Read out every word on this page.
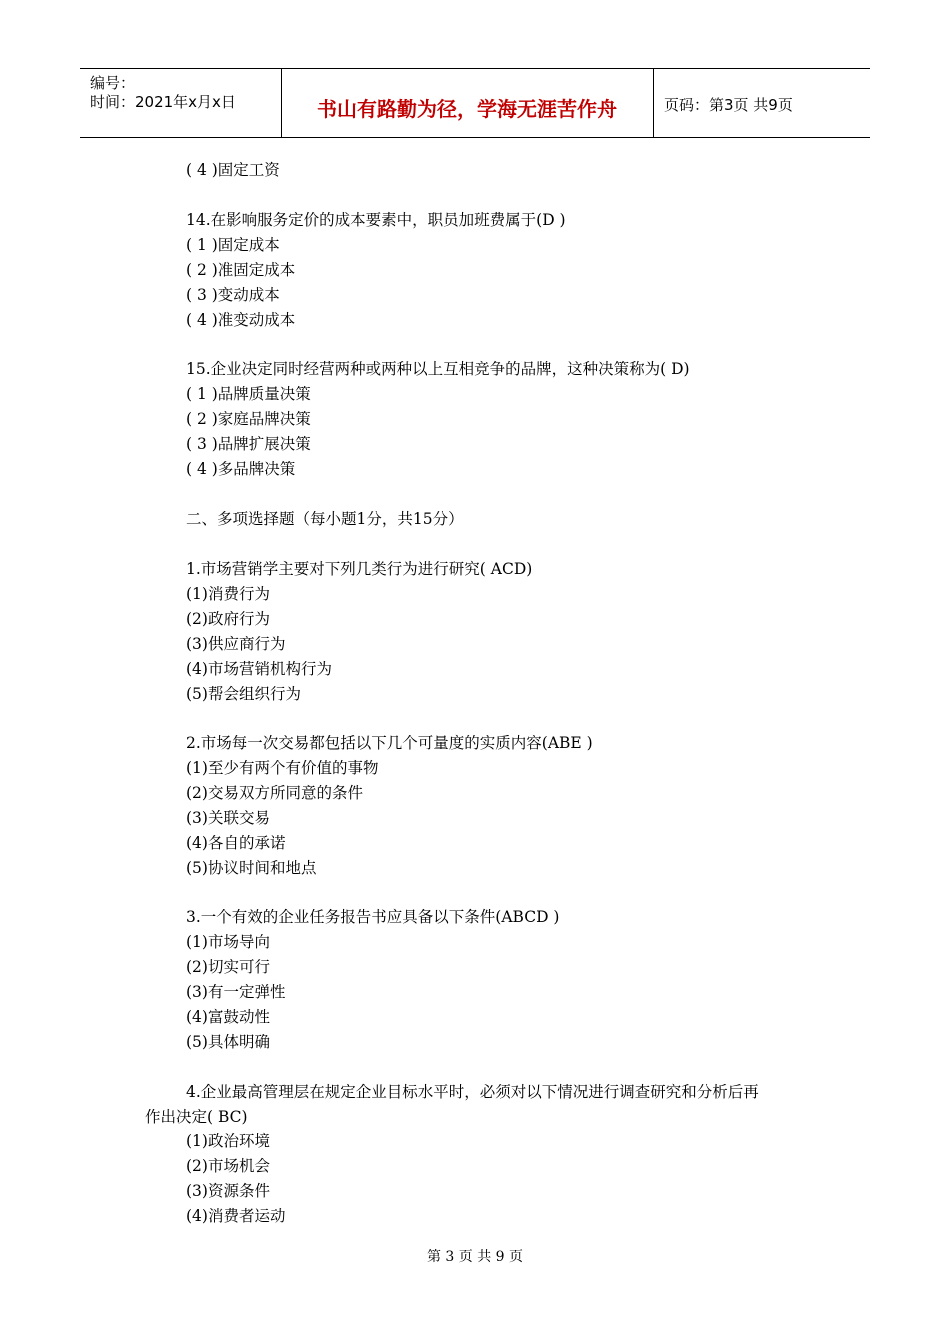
编号：
时间：2021年x月x日	书山有路勤为径，学海无涯苦作舟	页码：第3页 共9页
( 4 )固定工资
14.在影响服务定价的成本要素中，职员加班费属于(D )
( 1 )固定成本
( 2 )准固定成本
( 3 )变动成本
( 4 )准变动成本
15.企业决定同时经营两种或两种以上互相竞争的品牌，这种决策称为( D)
( 1 )品牌质量决策
( 2 )家庭品牌决策
( 3 )品牌扩展决策
( 4 )多品牌决策
二、多项选择题（每小题1分，共15分）
1.市场营销学主要对下列几类行为进行研究( ACD)
(1)消费行为
(2)政府行为
(3)供应商行为
(4)市场营销机构行为
(5)帮会组织行为
2.市场每一次交易都包括以下几个可量度的实质内容(ABE )
(1)至少有两个有价值的事物
(2)交易双方所同意的条件
(3)关联交易
(4)各自的承诺
(5)协议时间和地点
3.一个有效的企业任务报告书应具备以下条件(ABCD )
(1)市场导向
(2)切实可行
(3)有一定弹性
(4)富鼓动性
(5)具体明确
4.企业最高管理层在规定企业目标水平时，必须对以下情况进行调查研究和分析后再
作出决定( BC)
(1)政治环境
(2)市场机会
(3)资源条件
(4)消费者运动
第 3 页 共 9 页
